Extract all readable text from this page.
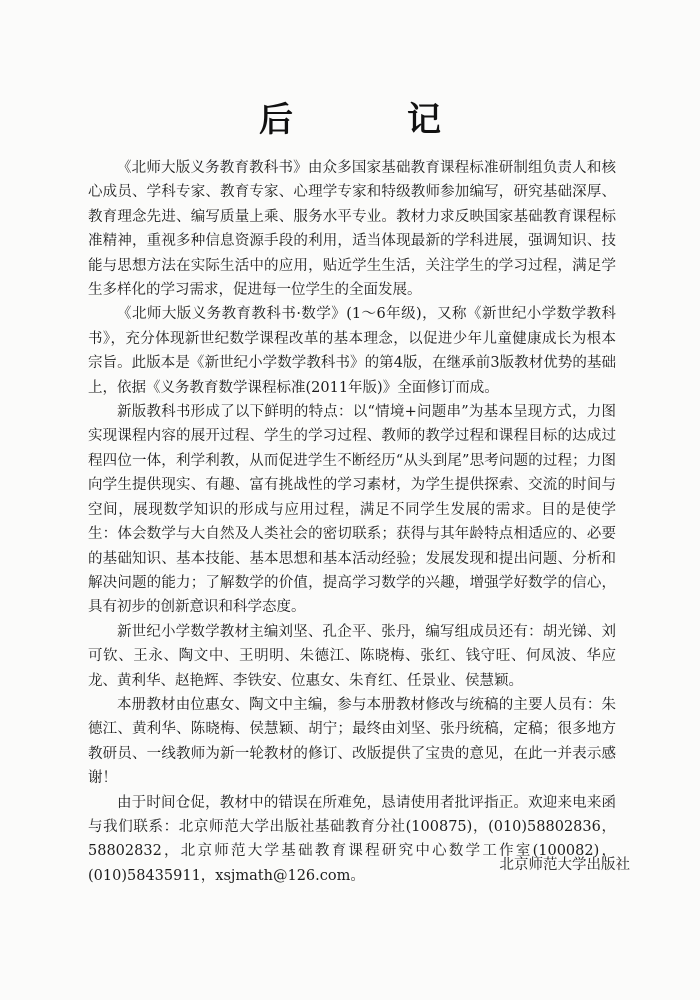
后　记

《北师大版义务教育教科书》由众多国家基础教育课程标准研制组负责人和核心成员、学科专家、教育专家、心理学专家和特级教师参加编写，研究基础深厚、教育理念先进、编写质量上乘、服务水平专业。教材力求反映国家基础教育课程标准精神，重视多种信息资源手段的利用，适当体现最新的学科进展，强调知识、技能与思想方法在实际生活中的应用，贴近学生生活，关注学生的学习过程，满足学生多样化的学习需求，促进每一位学生的全面发展。

《北师大版义务教育教科书·数学》(1～6年级)，又称《新世纪小学数学教科书》，充分体现新世纪数学课程改革的基本理念，以促进少年儿童健康成长为根本宗旨。此版本是《新世纪小学数学教科书》的第4版，在继承前3版教材优势的基础上，依据《义务教育数学课程标准(2011年版)》全面修订而成。

新版教科书形成了以下鲜明的特点：以“情境+问题串”为基本呈现方式，力图实现课程内容的展开过程、学生的学习过程、教师的教学过程和课程目标的达成过程四位一体，利学利教，从而促进学生不断经历“从头到尾”思考问题的过程；力图向学生提供现实、有趣、富有挑战性的学习素材，为学生提供探索、交流的时间与空间，展现数学知识的形成与应用过程，满足不同学生发展的需求。目的是使学生：体会数学与大自然及人类社会的密切联系；获得与其年龄特点相适应的、必要的基础知识、基本技能、基本思想和基本活动经验；发展发现和提出问题、分析和解决问题的能力；了解数学的价值，提高学习数学的兴趣，增强学好数学的信心，具有初步的创新意识和科学态度。

新世纪小学数学教材主编刘坚、孔企平、张丹，编写组成员还有：胡光锑、刘可钦、王永、陶文中、王明明、朱德江、陈晓梅、张红、钱守旺、何凤波、华应龙、黄利华、赵艳辉、李铁安、位惠女、朱育红、任景业、侯慧颖。

本册教材由位惠女、陶文中主编，参与本册教材修改与统稿的主要人员有：朱德江、黄利华、陈晓梅、侯慧颖、胡宁；最终由刘坚、张丹统稿，定稿；很多地方教研员、一线教师为新一轮教材的修订、改版提供了宝贵的意见，在此一并表示感谢！

由于时间仓促，教材中的错误在所难免，恳请使用者批评指正。欢迎来电来函与我们联系：北京师范大学出版社基础教育分社(100875)，(010)58802836，58802832，北京师范大学基础教育课程研究中心数学工作室(100082)，(010)58435911，xsjmath@126.com。

北京师范大学出版社
